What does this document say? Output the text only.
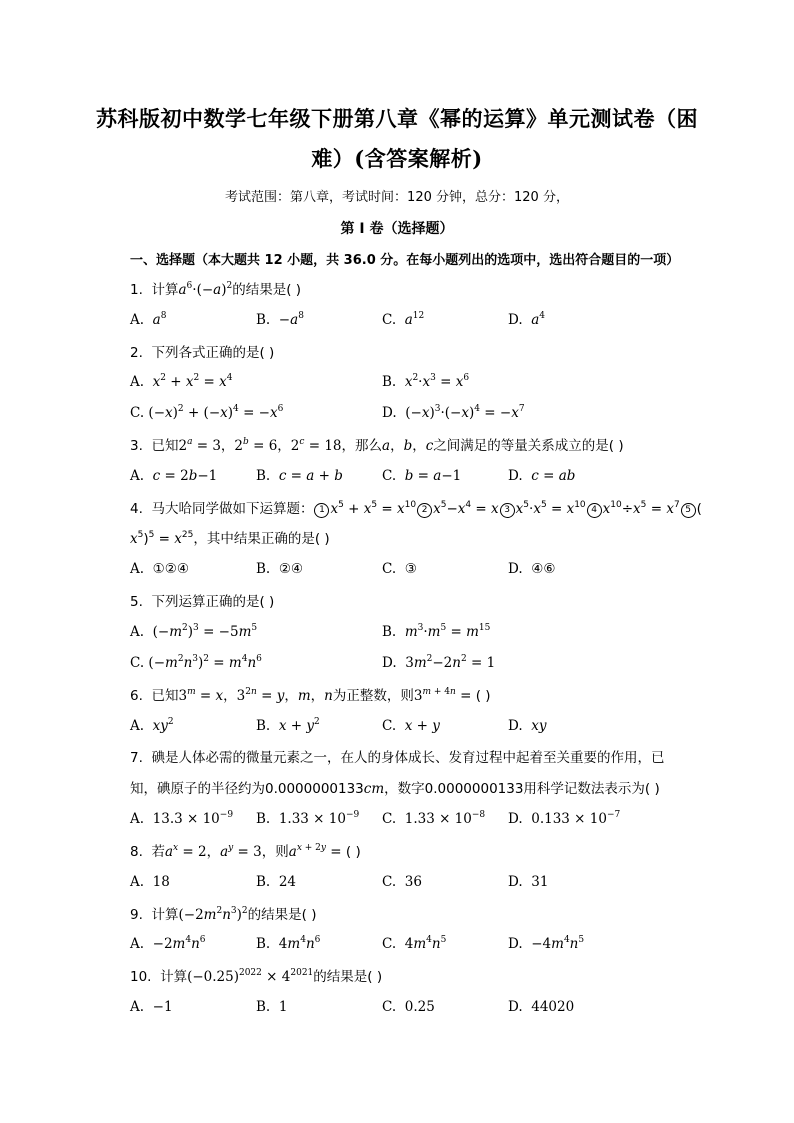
苏科版初中数学七年级下册第八章《幂的运算》单元测试卷（困
难）(含答案解析)
考试范围：第八章，考试时间：120 分钟，总分：120 分，
第 I 卷（选择题）
一、选择题（本大题共 12 小题，共 36.0 分。在每小题列出的选项中，选出符合题目的一项）
1. 计算$a^6\cdot(-a)^2$的结果是( )
A. $a^8$	B.  $-a^8$	C. $a^{12}$	D. $a^4$
2. 下列各式正确的是( )
A. $x^2 + x^2 = x^4$	B. $x^2\cdot x^3 = x^6$
C. $(-x)^2 + (-x)^4 = -x^6$	D.  $(-x)^3\cdot(-x)^4 = -x^7$
3. 已知$2^a = 3$，$2^b = 6$，$2^c = 18$，那么a，b，c之间满足的等量关系成立的是( )
A. c = 2b−1	B. c = a + b	C. b = a−1	D. c = ab
4. 马大哈同学做如下运算题： 1 $x^5 + x^5 = x^{10}$ 2 $x^5-x^4 = x$ 3 $x^5\cdot x^5 = x^{10}$ 4 $x^{10}\div x^5 = x^7$ 5 (
$x^5)^5 = x^{25}$，其中结果正确的是( )
A. ①②④	B. ②④	C. ③	D. ④⑥
5. 下列运算正确的是( )
A.  $(-m^2)^3 = -5m^5$	B. $m^3\cdot m^5 = m^{15}$
C. $(-m^2n^3)^2 = m^4n^6$	D.  $3m^2-2n^2 = 1$
6. 已知$3^m = x$，$3^{2n} = y$，m，n为正整数，则$3^{m + 4n}$ = ( )
A. $xy^2$	B. $x + y^2$	C. x + y	D. xy
7. 碘是人体必需的微量元素之一，在人的身体成长、发育过程中起着至关重要的作用，已知，碘原子的半径约为0.0000000133cm，数字0.0000000133用科学记数法表示为( )
A. $13.3 \times 10^{-9}$ B. $1.33 \times 10^{-9}$ C. $1.33 \times 10^{-8}$ D. $0.133 \times 10^{-7}$
8. 若$a^x = 2$，$a^y = 3$，则$a^{x + 2y}$ = ( )
A. 18	B. 24	C. 36	D. 31
9. 计算$(-2m^2n^3)^2$的结果是( )
A.  $-2m^4n^6$	B.  $4m^4n^6$	C.  $4m^4n^5$	D.  $-4m^4n^5$
10. 计算$(-0.25)^{2022} \times 4^{2021}$的结果是( )
A. −1	B. 1	C. 0.25	D. 44020
